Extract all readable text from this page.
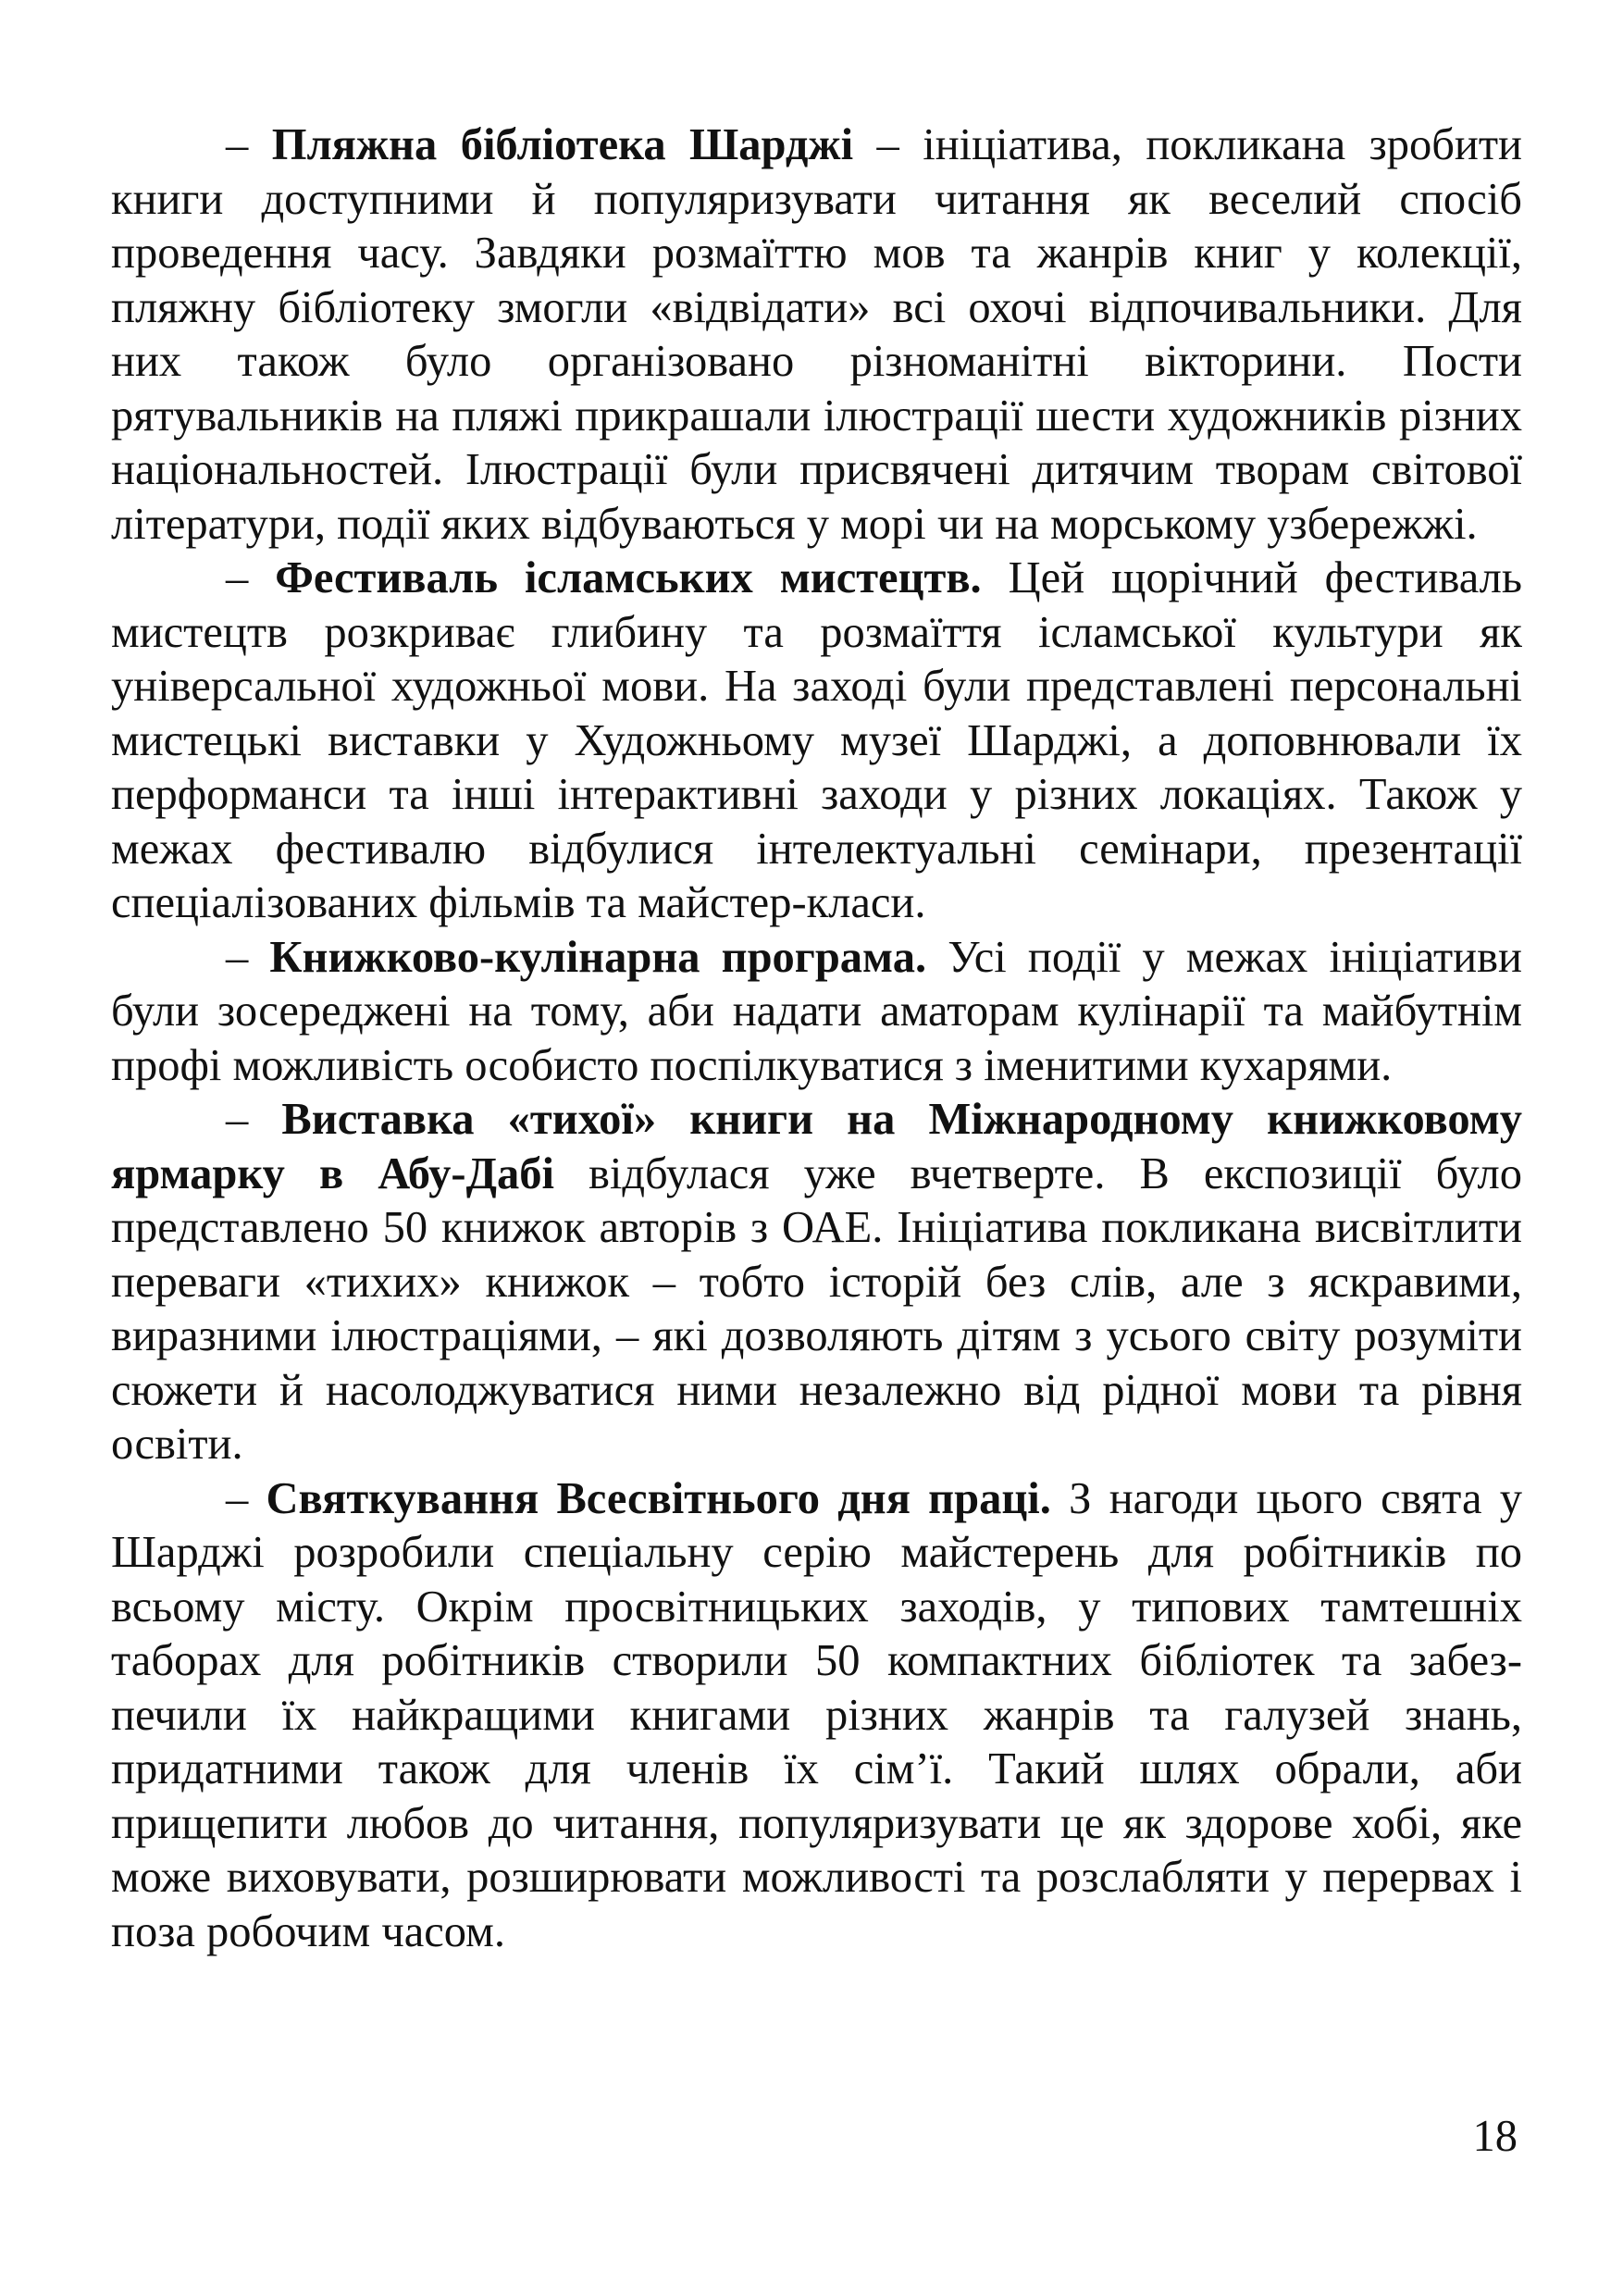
– Пляжна бібліотека Шарджі – ініціатива, покликана зробити книги доступними й популяризувати читання як веселий спосіб проведення часу. Завдяки розмаїттю мов та жанрів книг у колекції, пляжну бібліотеку змогли «відвідати» всі охочі відпочивальники. Для них також було організовано різноманітні вікторини. Пости рятувальників на пляжі прикрашали ілюстрації шести художників різних національностей. Ілюстрації були присвячені дитячим творам світової літератури, події яких відбуваються у морі чи на морському узбережжі.

– Фестиваль ісламських мистецтв. Цей щорічний фестиваль мистецтв розкриває глибину та розмаїття ісламської культури як універсальної художньої мови. На заході були представлені персональні мистецькі виставки у Художньому музеї Шарджі, а доповнювали їх перформанси та інші інтерактивні заходи у різних локаціях. Також у межах фестивалю відбулися інтелектуальні семінари, презентації спеціалізованих фільмів та майстер-класи.

– Книжково-кулінарна програма. Усі події у межах ініціативи були зосереджені на тому, аби надати аматорам кулінарії та майбутнім профі можливість особисто поспілкуватися з іменитими кухарями.

– Виставка «тихої» книги на Міжнародному книжковому ярмарку в Абу-Дабі відбулася уже вчетверте. В експозиції було представлено 50 книжок авторів з ОАЕ. Ініціатива покликана висвітлити переваги «тихих» книжок – тобто історій без слів, але з яскравими, виразними ілюстраціями, – які дозволяють дітям з усього світу розуміти сюжети й насолоджуватися ними незалежно від рідної мови та рівня освіти.

– Святкування Всесвітнього дня праці. З нагоди цього свята у Шарджі розробили спеціальну серію майстерень для робітників по всьому місту. Окрім просвітницьких заходів, у типових тамтешніх таборах для робітників створили 50 компактних бібліотек та забез-печили їх найкращими книгами різних жанрів та галузей знань, придатними також для членів їх сім’ї. Такий шлях обрали, аби прищепити любов до читання, популяризувати це як здорове хобі, яке може виховувати, розширювати можливості та розслабляти у перервах і поза робочим часом.

18
